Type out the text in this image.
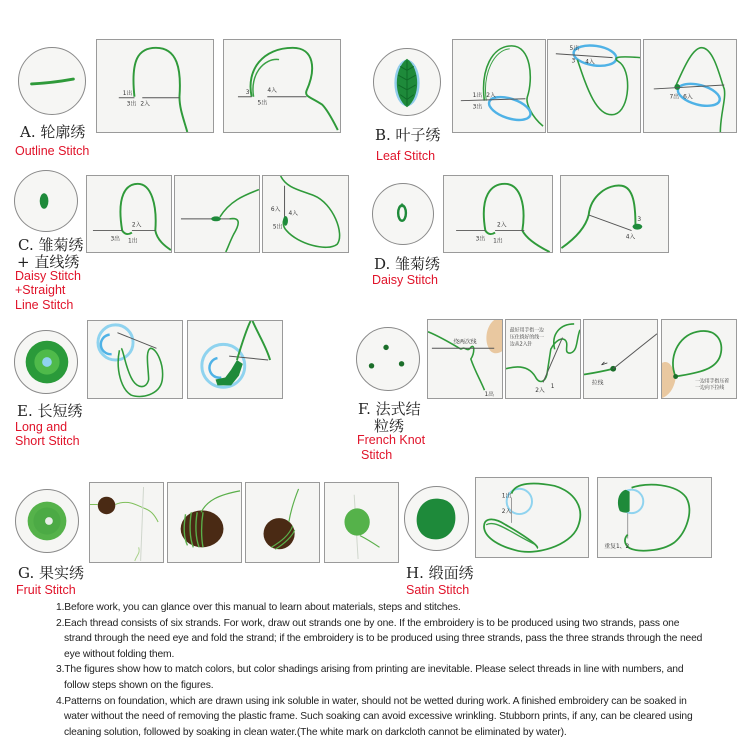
A. 轮廓绣
Outline Stitch
1出
3出 2入
3	4入
5出
B. 叶子绣
Leaf Stitch
1出 2入
3出
5出
3 4入
7出 6入
C. 雏菊绣
+ 直线绣
Daisy Stitch
+Straight
Line Stitch
2入
3出 1出
6入
4入
5出
D. 雏菊绣
Daisy Stitch
2入
3出 1出
3
4入
E. 长短绣
Long and
Short Stitch
F. 法式结
粒绣
French Knot
Stitch
绕两次线
1出
最好用手指一边
压住绕好的线一
边从2入针
2入
1
拉线	一边用手指压着
一边向下拉线
G. 果实绣
Fruit Stitch
H. 缎面绣
Satin Stitch
1出
2入
重复1、2

1.Before work, you can glance over this manual to learn about materials, steps and stitches.

2.Each thread consists of six strands. For work, draw out strands one by one. If the embroidery is to be produced using two strands, pass one strand through the need eye and fold the strand; if the embroidery is to be produced using three strands, pass the three strands through the need eye without folding them.

3.The figures show how to match colors, but color shadings arising from printing are inevitable. Please select threads in line with numbers, and follow steps shown on the figures.

4.Patterns on foundation, which are drawn using ink soluble in water, should not be wetted during work. A finished embroidery can be soaked in water without the need of removing the plastic frame. Such soaking can avoid excessive wrinkling. Stubborn prints, if any, can be cleared using cleaning solution, followed by soaking in clean water.(The white mark on darkcloth cannot be eliminated by water).
